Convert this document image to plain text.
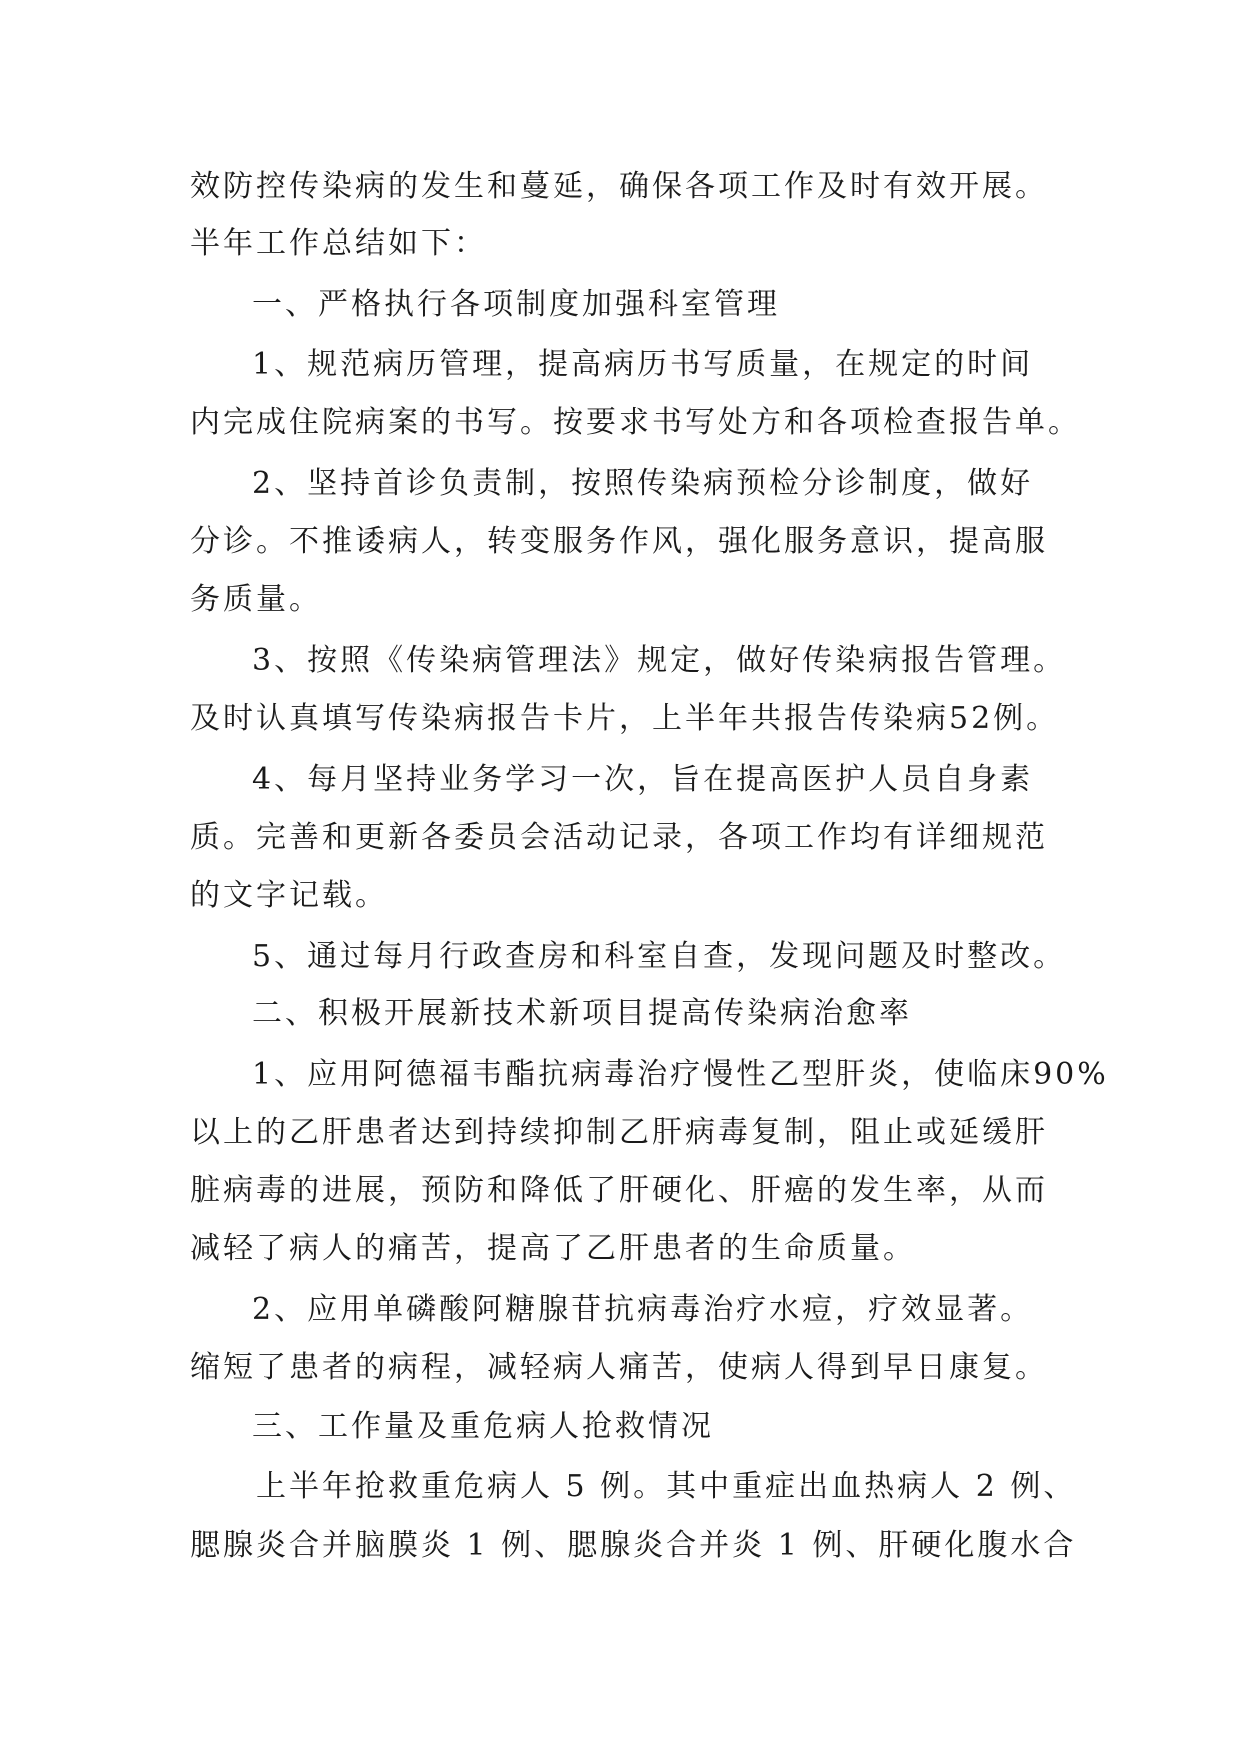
效防控传染病的发生和蔓延，确保各项工作及时有效开展。
半年工作总结如下：
一、严格执行各项制度加强科室管理
1、规范病历管理，提高病历书写质量，在规定的时间
内完成住院病案的书写。按要求书写处方和各项检查报告单。
2、坚持首诊负责制，按照传染病预检分诊制度，做好
分诊。不推诿病人，转变服务作风，强化服务意识，提高服
务质量。
3、按照《传染病管理法》规定，做好传染病报告管理。
及时认真填写传染病报告卡片，上半年共报告传染病52例。
4、每月坚持业务学习一次，旨在提高医护人员自身素
质。完善和更新各委员会活动记录，各项工作均有详细规范
的文字记载。
5、通过每月行政查房和科室自查，发现问题及时整改。
二、积极开展新技术新项目提高传染病治愈率
1、应用阿德福韦酯抗病毒治疗慢性乙型肝炎，使临床90%
以上的乙肝患者达到持续抑制乙肝病毒复制，阻止或延缓肝
脏病毒的进展，预防和降低了肝硬化、肝癌的发生率，从而
减轻了病人的痛苦，提高了乙肝患者的生命质量。
2、应用单磷酸阿糖腺苷抗病毒治疗水痘，疗效显著。
缩短了患者的病程，减轻病人痛苦，使病人得到早日康复。
三、工作量及重危病人抢救情况
上半年抢救重危病人 5 例。其中重症出血热病人 2 例、
腮腺炎合并脑膜炎 1 例、腮腺炎合并炎 1 例、肝硬化腹水合
